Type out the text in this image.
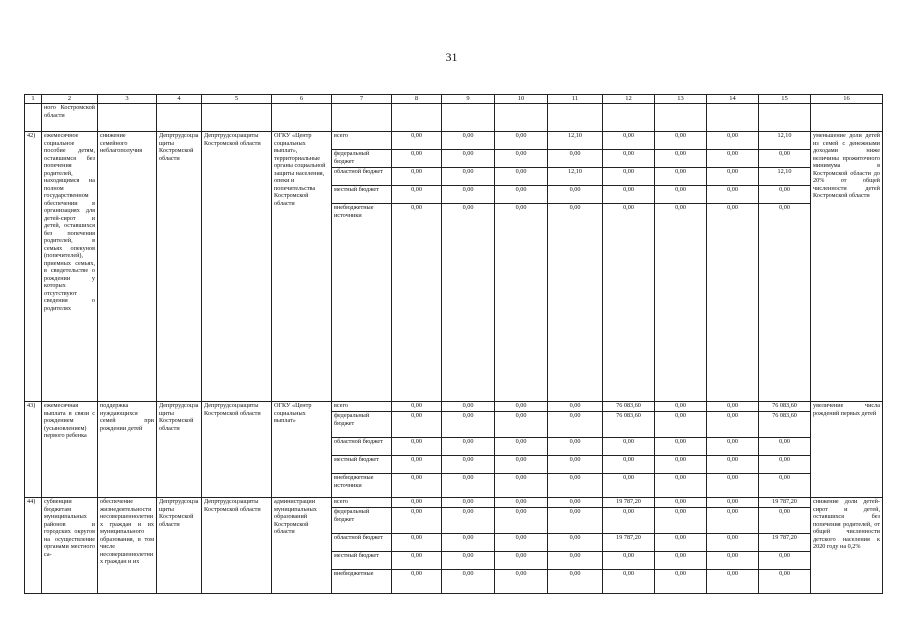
31
1	2	3	4	5	6	7	8	9	10	11	12	13	14	15	16
	ного Костромской области														
42)	ежемесячное социальное пособие детям, оставшимся без попечения родителей, находящимся на полном государственном обеспечении в организациях для детей-сирот и детей, оставшихся без попечения родителей, в семьях опекунов (попечителей), приемных семьях, в свидетельстве о рождении у которых отсутствуют сведения о родителях	снижение семейного неблагополучия	Депртрудсоцзащиты Костромской области	Депртрудсоцзащиты Костромской области	ОГКУ «Центр социальных выплат», территориальные органы социальной защиты населения, опеки и попечительства Костромской области	всего	0,00	0,00	0,00	12,10	0,00	0,00	0,00	12,10	уменьшение доли детей из семей с денежными доходами ниже величины прожиточного минимума в Костромской области до 20% от общей численности детей Костромской области
						федеральный бюджет	0,00	0,00	0,00	0,00	0,00	0,00	0,00	0,00	
						областной бюджет	0,00	0,00	0,00	12,10	0,00	0,00	0,00	12,10	
						местный бюджет	0,00	0,00	0,00	0,00	0,00	0,00	0,00	0,00	
						внебюджетные источники	0,00	0,00	0,00	0,00	0,00	0,00	0,00	0,00	
43)	ежемесячная выплата в связи с рождением (усыновлением) первого ребенка	поддержка нуждающихся семей при рождении детей	Депртрудсоцзащиты Костромской области	Депртрудсоцзащиты Костромской области	ОГКУ «Центр социальных выплат»	всего	0,00	0,00	0,00	0,00	76 083,60	0,00	0,00	76 083,60	увеличение числа рождений первых детей
						федеральный бюджет	0,00	0,00	0,00	0,00	76 083,60	0,00	0,00	76 083,60	
						областной бюджет	0,00	0,00	0,00	0,00	0,00	0,00	0,00	0,00	
						местный бюджет	0,00	0,00	0,00	0,00	0,00	0,00	0,00	0,00	
						внебюджетные источники	0,00	0,00	0,00	0,00	0,00	0,00	0,00	0,00	
44)	субвенции бюджетам муниципальных районов и городских округов на осуществление органами местного са-	обеспечение жизнедеятельности несовершеннолетних граждан и их муниципального образования, в том числе несовершеннолетних граждан и их	Депртрудсоцзащиты Костромской области	Депртрудсоцзащиты Костромской области	администрации муниципальных образований Костромской области	всего	0,00	0,00	0,00	0,00	19 787,20	0,00	0,00	19 787,20	снижение доли детей-сирот и детей, оставшихся без попечения родителей, от общей численности детского населения к 2020 году на 0,2%
						федеральный бюджет	0,00	0,00	0,00	0,00	0,00	0,00	0,00	0,00	
						областной бюджет	0,00	0,00	0,00	0,00	19 787,20	0,00	0,00	19 787,20	
						местный бюджет	0,00	0,00	0,00	0,00	0,00	0,00	0,00	0,00	
						внебюджетные	0,00	0,00	0,00	0,00	0,00	0,00	0,00	0,00	
